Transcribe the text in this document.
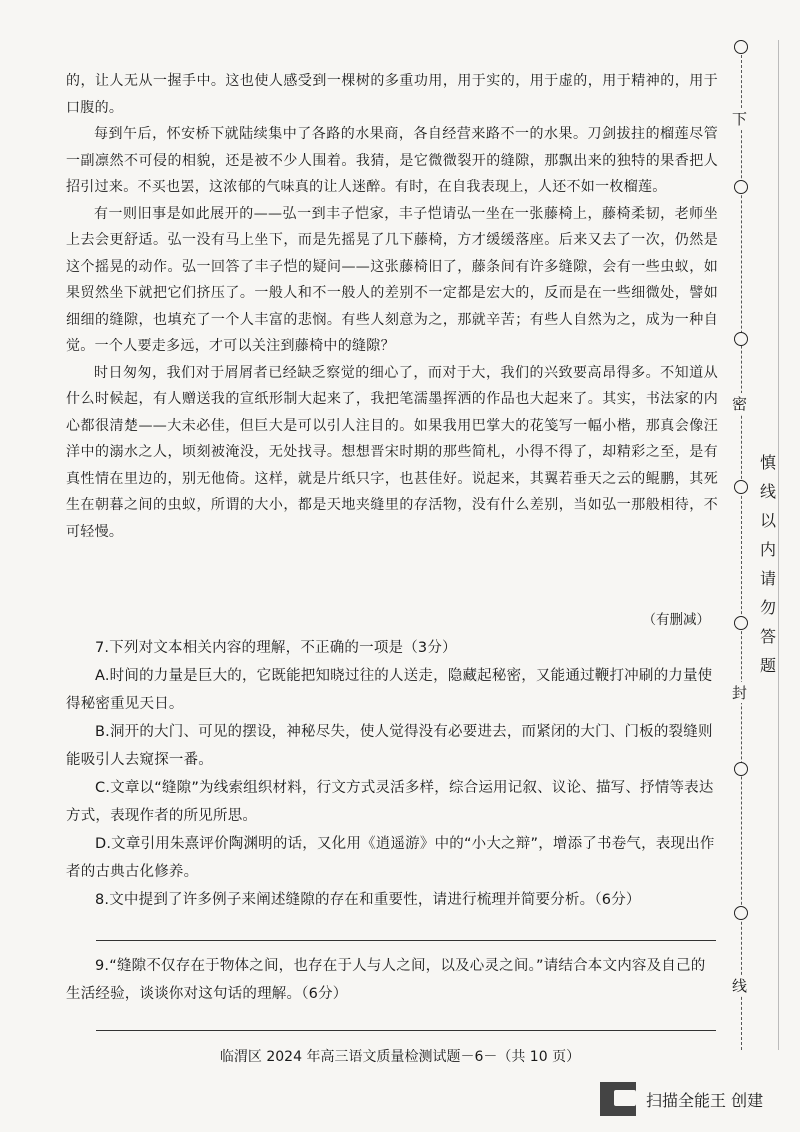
的，让人无从一握手中。这也使人感受到一棵树的多重功用，用于实的，用于虚的，用于精神的，用于口腹的。

每到午后，怀安桥下就陆续集中了各路的水果商，各自经营来路不一的水果。刀剑拔拄的榴莲尽管一副凛然不可侵的相貌，还是被不少人围着。我猜，是它微微裂开的缝隙，那飘出来的独特的果香把人招引过来。不买也罢，这浓郁的气味真的让人迷醉。有时，在自我表现上，人还不如一枚榴莲。

有一则旧事是如此展开的——弘一到丰子恺家，丰子恺请弘一坐在一张藤椅上，藤椅柔韧，老师坐上去会更舒适。弘一没有马上坐下，而是先摇晃了几下藤椅，方才缓缓落座。后来又去了一次，仍然是这个摇晃的动作。弘一回答了丰子恺的疑问——这张藤椅旧了，藤条间有许多缝隙，会有一些虫蚁，如果贸然坐下就把它们挤压了。一般人和不一般人的差别不一定都是宏大的，反而是在一些细微处，譬如细细的缝隙，也填充了一个人丰富的悲悯。有些人刻意为之，那就辛苦；有些人自然为之，成为一种自觉。一个人要走多远，才可以关注到藤椅中的缝隙？

时日匆匆，我们对于屑屑者已经缺乏察觉的细心了，而对于大，我们的兴致要高昂得多。不知道从什么时候起，有人赠送我的宣纸形制大起来了，我把笔濡墨挥洒的作品也大起来了。其实，书法家的内心都很清楚——大未必佳，但巨大是可以引人注目的。如果我用巴掌大的花笺写一幅小楷，那真会像汪洋中的溺水之人，顷刻被淹没，无处找寻。想想晋宋时期的那些简札，小得不得了，却精彩之至，是有真性情在里边的，别无他倚。这样，就是片纸只字，也甚佳好。说起来，其翼若垂天之云的鲲鹏，其死生在朝暮之间的虫蚁，所谓的大小，都是天地夹缝里的存活物，没有什么差别，当如弘一那般相待，不可轻慢。

（有删减）

7.下列对文本相关内容的理解，不正确的一项是（3分）

A.时间的力量是巨大的，它既能把知晓过往的人送走，隐藏起秘密，又能通过鞭打冲刷的力量使得秘密重见天日。

B.洞开的大门、可见的摆设，神秘尽失，使人觉得没有必要进去，而紧闭的大门、门板的裂缝则能吸引人去窥探一番。

C.文章以“缝隙”为线索组织材料，行文方式灵活多样，综合运用记叙、议论、描写、抒情等表达方式，表现作者的所见所思。

D.文章引用朱熹评价陶渊明的话，又化用《逍遥游》中的“小大之辩”，增添了书卷气，表现出作者的古典古化修养。

8.文中提到了许多例子来阐述缝隙的存在和重要性，请进行梳理并简要分析。（6分）

9.“缝隙不仅存在于物体之间，也存在于人与人之间，以及心灵之间。”请结合本文内容及自己的生活经验，谈谈你对这句话的理解。（6分）

临渭区 2024 年高三语文质量检测试题－6－（共 10 页）
下
密
封
线
慎
线
以
内
请
勿
答
题
扫描全能王 创建
